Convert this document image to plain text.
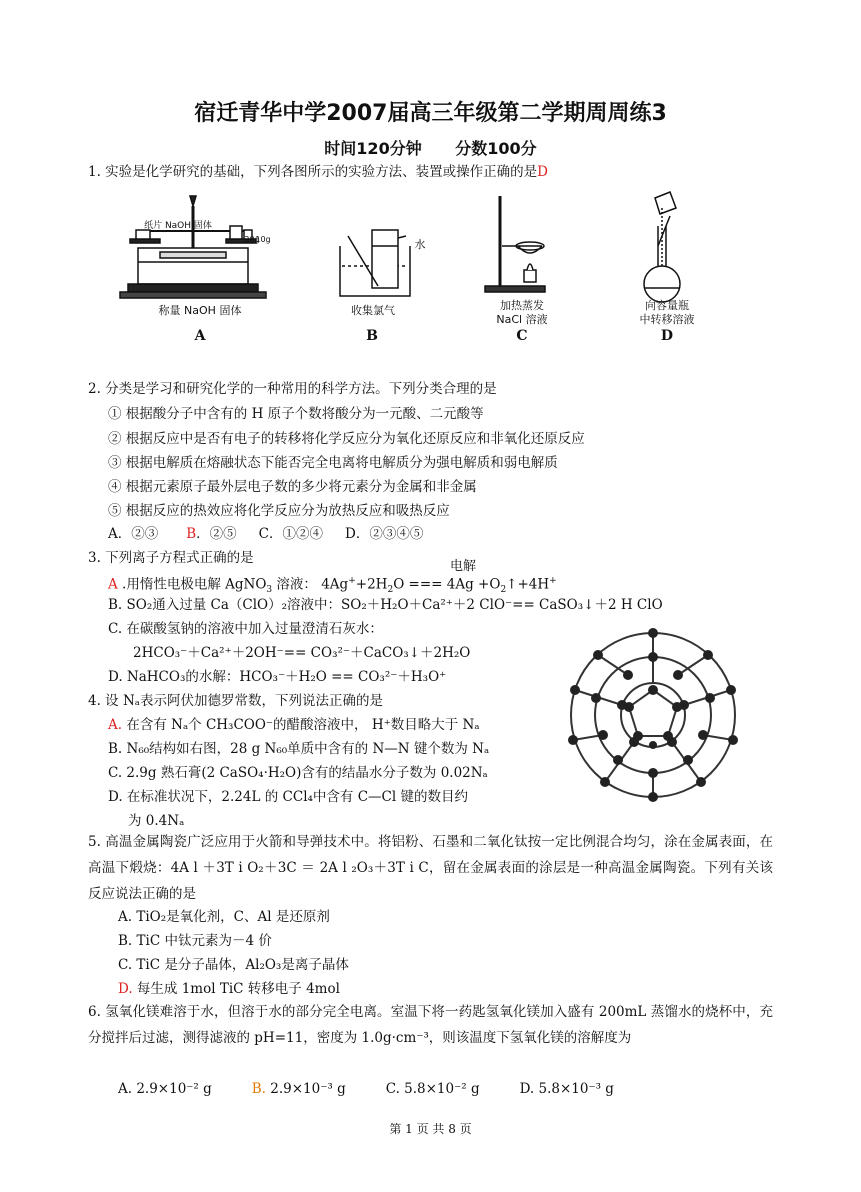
宿迁青华中学2007届高三年级第二学期周周练3
时间120分钟 分数100分
1. 实验是化学研究的基础，下列各图所示的实验方法、装置或操作正确的是D
纸片 NaOH 固体
20g
10g
称量 NaOH 固体
水
收集氯气	加热蒸发
NaCl 溶液
向容量瓶
中转移溶液
A	B	C	D
2. 分类是学习和研究化学的一种常用的科学方法。下列分类合理的是
① 根据酸分子中含有的 H 原子个数将酸分为一元酸、二元酸等
② 根据反应中是否有电子的转移将化学反应分为氧化还原反应和非氧化还原反应
③ 根据电解质在熔融状态下能否完全电离将电解质分为强电解质和弱电解质
④ 根据元素原子最外层电子数的多少将元素分为金属和非金属
⑤ 根据反应的热效应将化学反应分为放热反应和吸热反应
A．②③ B．②⑤ C．①②④ D．②③④⑤
3. 下列离子方程式正确的是
电解
A .用惰性电极电解 AgNO$_3$ 溶液： $4Ag^++2H_2O$ === $4Ag +O_2↑+4H^+$
B. SO₂通入过量 Ca（ClO）₂溶液中：SO₂＋H₂O＋Ca²⁺＋2 ClO⁻== CaSO₃↓＋2 H ClO
C. 在碳酸氢钠的溶液中加入过量澄清石灰水：
2HCO₃⁻＋Ca²⁺＋2OH⁻== CO₃²⁻＋CaCO₃↓＋2H₂O
D. NaHCO₃的水解：HCO₃⁻＋H₂O == CO₃²⁻＋H₃O⁺
4. 设 Nₐ表示阿伏加德罗常数，下列说法正确的是
A. 在含有 Nₐ个 CH₃COO⁻的醋酸溶液中， H⁺数目略大于 Nₐ
B. N₆₀结构如右图，28 g N₆₀单质中含有的 N—N 键个数为 Nₐ
C. 2.9g 熟石膏(2 CaSO₄·H₂O)含有的结晶水分子数为 0.02Nₐ
D. 在标准状况下，2.24L 的 CCl₄中含有 C—Cl 键的数目约
为 0.4Nₐ
5. 高温金属陶瓷广泛应用于火箭和导弹技术中。将铝粉、石墨和二氧化钛按一定比例混合均匀，涂在金属表面，在高温下煅烧：4A l ＋3T i O₂＋3C ＝ 2A l ₂O₃＋3T i C，留在金属表面的涂层是一种高温金属陶瓷。下列有关该反应说法正确的是
A. TiO₂是氧化剂，C、Al 是还原剂
B. TiC 中钛元素为－4 价
C. TiC 是分子晶体，Al₂O₃是离子晶体
D. 每生成 1mol TiC 转移电子 4mol
6. 氢氧化镁难溶于水，但溶于水的部分完全电离。室温下将一药匙氢氧化镁加入盛有 200mL 蒸馏水的烧杯中，充分搅拌后过滤，测得滤液的 pH=11，密度为 1.0g·cm⁻³，则该温度下氢氧化镁的溶解度为
A. 2.9×10⁻² g	B. 2.9×10⁻³ g	C. 5.8×10⁻² g	D. 5.8×10⁻³ g
第 1 页 共 8 页
